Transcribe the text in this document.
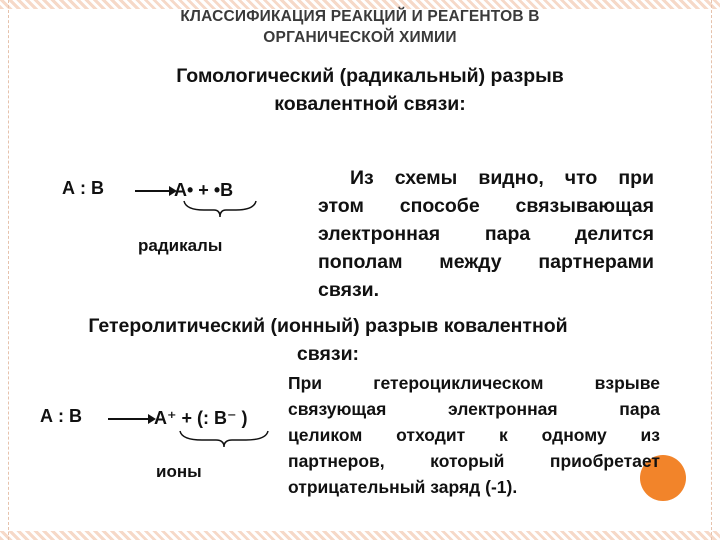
КЛАССИФИКАЦИЯ РЕАКЦИЙ И РЕАГЕНТОВ В
ОРГАНИЧЕСКОЙ ХИМИИ
Гомологический (радикальный) разрыв
ковалентной связи:
А : В	А• + •В
радикалы
Из схемы видно, что при
этом способе связывающая
электронная пара делится
пополам между партнерами
связи.
Гетеролитический (ионный) разрыв ковалентной
связи:
А : В	А⁺ + (: В⁻ )
ионы
При гетероциклическом взрыве
связующая электронная пара
целиком отходит к одному из
партнеров, который приобретает
отрицательный заряд (-1).
